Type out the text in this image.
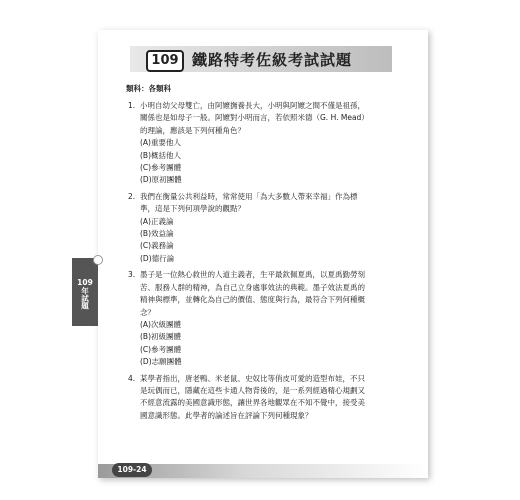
109 鐵路特考佐級考試試題
類科：各類科
1. 小明自幼父母雙亡，由阿嬤撫養長大，小明與阿嬤之間不僅是祖孫，
關係也是如母子一般。阿嬤對小明而言，若依照米德（G. H. Mead）
的理論，應該是下列何種角色？
(A)重要他人
(B)概括他人
(C)參考團體
(D)原初團體
2. 我們在衡量公共利益時，常常使用「為大多數人帶來幸福」作為標
準，這是下列何項學說的觀點？
(A)正義論
(B)效益論
(C)義務論
(D)德行論
3. 墨子是一位熱心救世的人道主義者，生平最欽佩夏禹，以夏禹勤勞刻
苦、服務人群的精神，為自己立身處事效法的典範。墨子效法夏禹的
精神與標準，並轉化為自己的價值、態度與行為，最符合下列何種概
念？
(A)次級團體
(B)初級團體
(C)參考團體
(D)志願團體
4. 某學者指出，唐老鴨、米老鼠、史奴比等俏皮可愛的造型布娃，不只
是玩偶而已，隱藏在這些卡通人物背後的，是一系列經過精心規劃又
不經意流露的美國意識形態，讓世界各地觀眾在不知不覺中，接受美
國意識形態。此學者的論述旨在評論下列何種現象？
109
年試題
109-24
